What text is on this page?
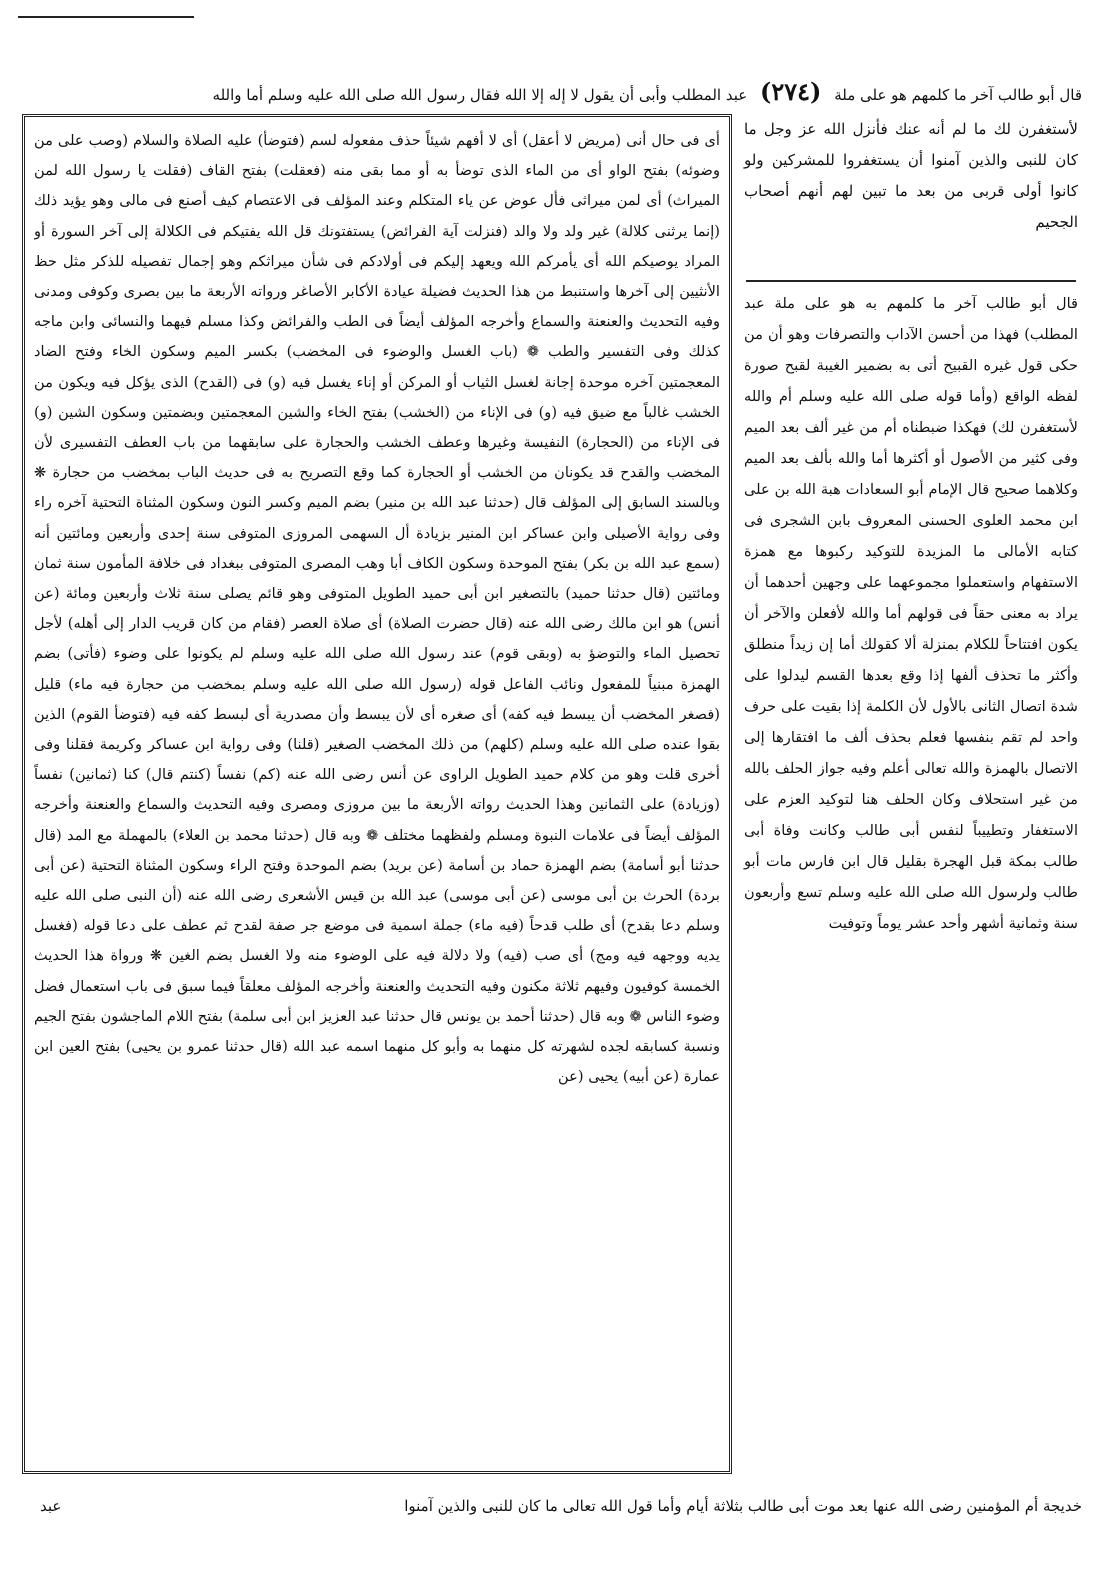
قال أبو طالب آخر ما كلمهم هو على ملة (٢٧٤) عبد المطلب وأبى أن يقول لا إله إلا الله فقال رسول الله صلى الله عليه وسلم أما والله
أى فى حال أنى (مريض لا أعقل) أى لا أفهم شيئاً حذف مفعوله لسم (فتوضأ) عليه الصلاة والسلام (وصب على من وضوئه) بفتح الواو أى من الماء الذى توضأ به أو مما بقى منه (فعقلت) بفتح القاف (فقلت يا رسول الله لمن الميراث) أى لمن ميراثى فأل عوض عن ياء المتكلم وعند المؤلف فى الاعتصام كيف أصنع فى مالى وهو يؤيد ذلك (إنما يرثنى كلالة) غير ولد ولا والد (فنزلت آية الفرائض) يستفتونك قل الله يفتيكم فى الكلالة إلى آخر السورة أو المراد يوصيكم الله أى يأمركم الله ويعهد إليكم فى أولادكم فى شأن ميراثكم وهو إجمال تفصيله للذكر مثل حظ الأنثيين إلى آخرها واستنبط من هذا الحديث فضيلة عيادة الأكابر الأصاغر ورواته الأربعة ما بين بصرى وكوفى ومدنى وفيه التحديث والعنعنة والسماع وأخرجه المؤلف أيضاً فى الطب والفرائض وكذا مسلم فيهما والنسائى وابن ماجه كذلك وفى التفسير والطب ❁ (باب الغسل والوضوء فى المخضب) بكسر الميم وسكون الخاء وفتح الضاد المعجمتين آخره موحدة إجانة لغسل الثياب أو المركن أو إناء يغسل فيه (و) فى (القدح) الذى يؤكل فيه ويكون من الخشب غالباً مع ضيق فيه (و) فى الإناء من (الخشب) بفتح الخاء والشين المعجمتين وبضمتين وسكون الشين (و) فى الإناء من (الحجارة) النفيسة وغيرها وعطف الخشب والحجارة على سابقهما من باب العطف التفسيرى لأن المخضب والقدح قد يكونان من الخشب أو الحجارة كما وقع التصريح به فى حديث الباب بمخضب من حجارة ❋ وبالسند السابق إلى المؤلف قال (حدثنا عبد الله بن منير) بضم الميم وكسر النون وسكون المثناة التحتية آخره راء وفى رواية الأصيلى وابن عساكر ابن المنير بزيادة أل السهمى المروزى المتوفى سنة إحدى وأربعين ومائتين أنه (سمع عبد الله بن بكر) بفتح الموحدة وسكون الكاف أبا وهب المصرى المتوفى ببغداد فى خلافة المأمون سنة ثمان ومائتين (قال حدثنا حميد) بالتصغير ابن أبى حميد الطويل المتوفى وهو قائم يصلى سنة ثلاث وأربعين ومائة (عن أنس) هو ابن مالك رضى الله عنه (قال حضرت الصلاة) أى صلاة العصر (فقام من كان قريب الدار إلى أهله) لأجل تحصيل الماء والتوضؤ به (وبقى قوم) عند رسول الله صلى الله عليه وسلم لم يكونوا على وضوء (فأتى) بضم الهمزة مبنياً للمفعول ونائب الفاعل قوله (رسول الله صلى الله عليه وسلم بمخضب من حجارة فيه ماء) قليل (فصغر المخضب أن يبسط فيه كفه) أى صغره أى لأن يبسط وأن مصدرية أى لبسط كفه فيه (فتوضأ القوم) الذين بقوا عنده صلى الله عليه وسلم (كلهم) من ذلك المخضب الصغير (قلنا) وفى رواية ابن عساكر وكريمة فقلنا وفى أخرى قلت وهو من كلام حميد الطويل الراوى عن أنس رضى الله عنه (كم) نفساً (كنتم قال) كنا (ثمانين) نفساً (وزيادة) على الثمانين وهذا الحديث رواته الأربعة ما بين مروزى ومصرى وفيه التحديث والسماع والعنعنة وأخرجه المؤلف أيضاً فى علامات النبوة ومسلم ولفظهما مختلف ❁ وبه قال (حدثنا محمد بن العلاء) بالمهملة مع المد (قال حدثنا أبو أسامة) بضم الهمزة حماد بن أسامة (عن بريد) بضم الموحدة وفتح الراء وسكون المثناة التحتية (عن أبى بردة) الحرث بن أبى موسى (عن أبى موسى) عبد الله بن قيس الأشعرى رضى الله عنه (أن النبى صلى الله عليه وسلم دعا بقدح) أى طلب قدحاً (فيه ماء) جملة اسمية فى موضع جر صفة لقدح ثم عطف على دعا قوله (فغسل يديه ووجهه فيه ومج) أى صب (فيه) ولا دلالة فيه على الوضوء منه ولا الغسل بضم الغين ❋ ورواة هذا الحديث الخمسة كوفيون وفيهم ثلاثة مكنون وفيه التحديث والعنعنة وأخرجه المؤلف معلقاً فيما سبق فى باب استعمال فضل وضوء الناس ❁ وبه قال (حدثنا أحمد بن يونس قال حدثنا عبد العزيز ابن أبى سلمة) بفتح اللام الماجشون بفتح الجيم ونسبة كسابقه لجده لشهرته كل منهما به وأبو كل منهما اسمه عبد الله (قال حدثنا عمرو بن يحيى) بفتح العين ابن عمارة (عن أبيه) يحيى (عن
لأستغفرن لك ما لم أنه عنك فأنزل الله عز وجل ما كان للنبى والذين آمنوا أن يستغفروا للمشركين ولو كانوا أولى قربى من بعد ما تبين لهم أنهم أصحاب الجحيم
قال أبو طالب آخر ما كلمهم به هو على ملة عبد المطلب) فهذا من أحسن الآداب والتصرفات وهو أن من حكى قول غيره القبيح أتى به بضمير الغيبة لقبح صورة لفظه الواقع (وأما قوله صلى الله عليه وسلم أم والله لأستغفرن لك) فهكذا ضبطناه أم من غير ألف بعد الميم وفى كثير من الأصول أو أكثرها أما والله بألف بعد الميم وكلاهما صحيح قال الإمام أبو السعادات هبة الله بن على ابن محمد العلوى الحسنى المعروف بابن الشجرى فى كتابه الأمالى ما المزيدة للتوكيد ركبوها مع همزة الاستفهام واستعملوا مجموعهما على وجهين أحدهما أن يراد به معنى حقاً فى قولهم أما والله لأفعلن والآخر أن يكون افتتاحاً للكلام بمنزلة ألا كقولك أما إن زيداً منطلق وأكثر ما تحذف ألفها إذا وقع بعدها القسم ليدلوا على شدة اتصال الثانى بالأول لأن الكلمة إذا بقيت على حرف واحد لم تقم بنفسها فعلم بحذف ألف ما افتقارها إلى الاتصال بالهمزة والله تعالى أعلم وفيه جواز الحلف بالله من غير استحلاف وكان الحلف هنا لتوكيد العزم على الاستغفار وتطييباً لنفس أبى طالب وكانت وفاة أبى طالب بمكة قبل الهجرة بقليل قال ابن فارس مات أبو طالب ولرسول الله صلى الله عليه وسلم تسع وأربعون سنة وثمانية أشهر وأحد عشر يوماً وتوفيت
خديجة أم المؤمنين رضى الله عنها بعد موت أبى طالب بثلاثة أيام وأما قول الله تعالى ما كان للنبى والذين آمنوا
عبد
